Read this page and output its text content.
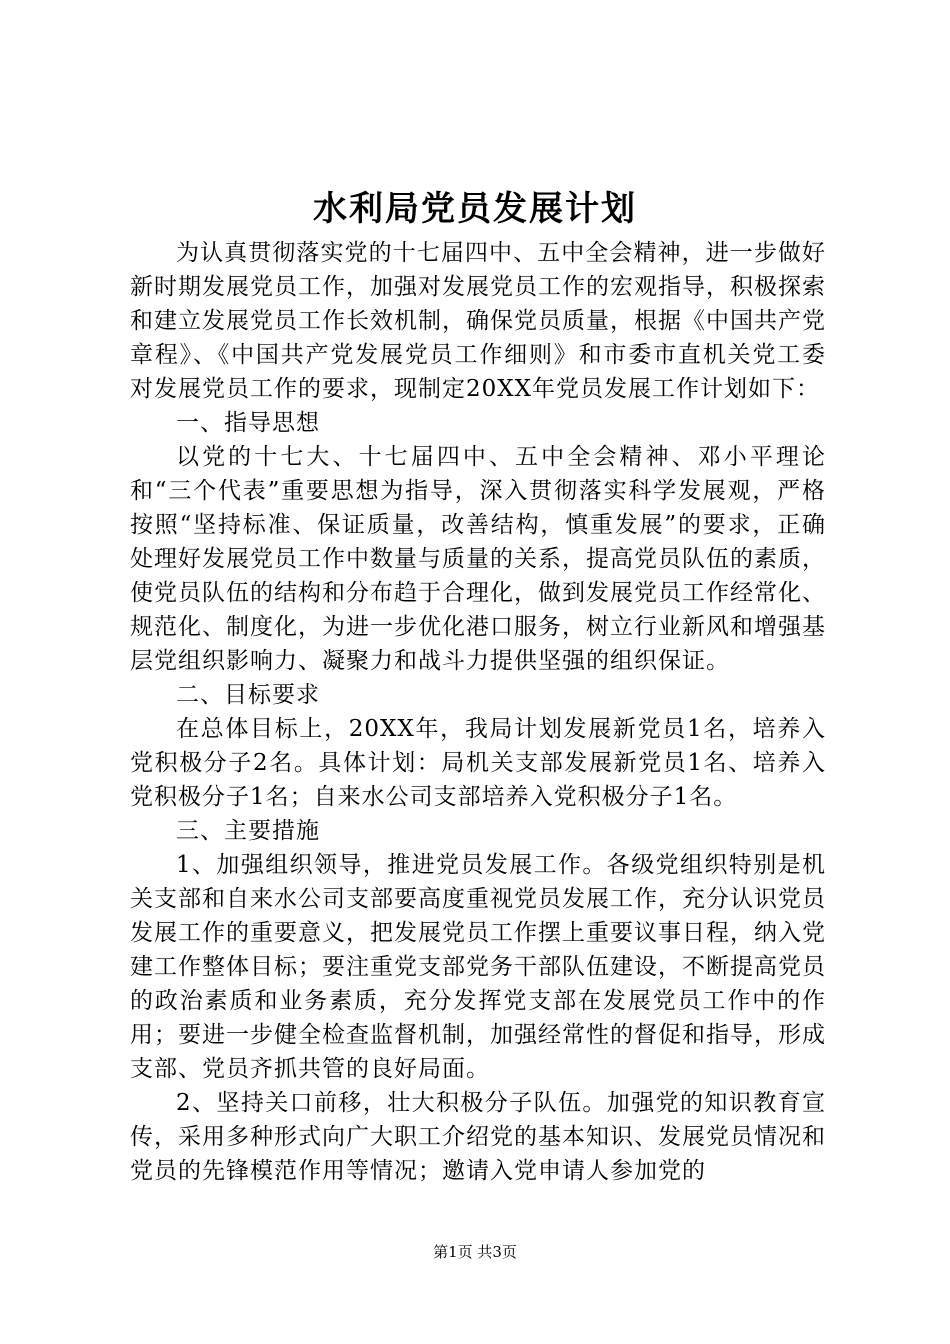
水利局党员发展计划

为认真贯彻落实党的十七届四中、五中全会精神，进一步做好新时期发展党员工作，加强对发展党员工作的宏观指导，积极探索和建立发展党员工作长效机制，确保党员质量，根据《中国共产党章程》、《中国共产党发展党员工作细则》和市委市直机关党工委对发展党员工作的要求，现制定20XX年党员发展工作计划如下：

一、指导思想

以党的十七大、十七届四中、五中全会精神、邓小平理论和“三个代表”重要思想为指导，深入贯彻落实科学发展观，严格按照“坚持标准、保证质量，改善结构，慎重发展”的要求，正确处理好发展党员工作中数量与质量的关系，提高党员队伍的素质，使党员队伍的结构和分布趋于合理化，做到发展党员工作经常化、规范化、制度化，为进一步优化港口服务，树立行业新风和增强基层党组织影响力、凝聚力和战斗力提供坚强的组织保证。

二、目标要求

在总体目标上，20XX年，我局计划发展新党员1名，培养入党积极分子2名。具体计划：局机关支部发展新党员1名、培养入党积极分子1名；自来水公司支部培养入党积极分子1名。

三、主要措施

1、加强组织领导，推进党员发展工作。各级党组织特别是机关支部和自来水公司支部要高度重视党员发展工作，充分认识党员发展工作的重要意义，把发展党员工作摆上重要议事日程，纳入党建工作整体目标；要注重党支部党务干部队伍建设，不断提高党员的政治素质和业务素质，充分发挥党支部在发展党员工作中的作用；要进一步健全检查监督机制，加强经常性的督促和指导，形成支部、党员齐抓共管的良好局面。

2、坚持关口前移，壮大积极分子队伍。加强党的知识教育宣传，采用多种形式向广大职工介绍党的基本知识、发展党员情况和党员的先锋模范作用等情况；邀请入党申请人参加党的

第1页 共3页
